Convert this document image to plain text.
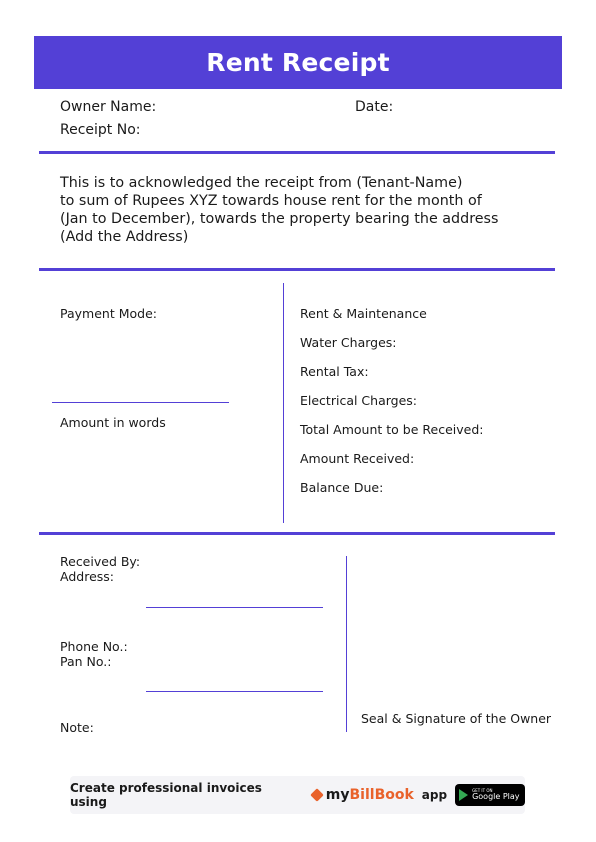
Rent Receipt
Owner Name:	Date:
Receipt No:
This is to acknowledged the receipt from (Tenant-Name)
to sum of Rupees XYZ towards house rent for the month of
(Jan to December), towards the property bearing the address
(Add the Address)
Payment Mode:
Amount in words
Rent & Maintenance
Water Charges:
Rental Tax:
Electrical Charges:
Total Amount to be Received:
Amount Received:
Balance Due:
Received By:
Address:
Phone No.:
Pan No.:
Note:
Seal & Signature of the Owner
Create professional invoices using	myBillBook app	GET IT ON
Google Play
